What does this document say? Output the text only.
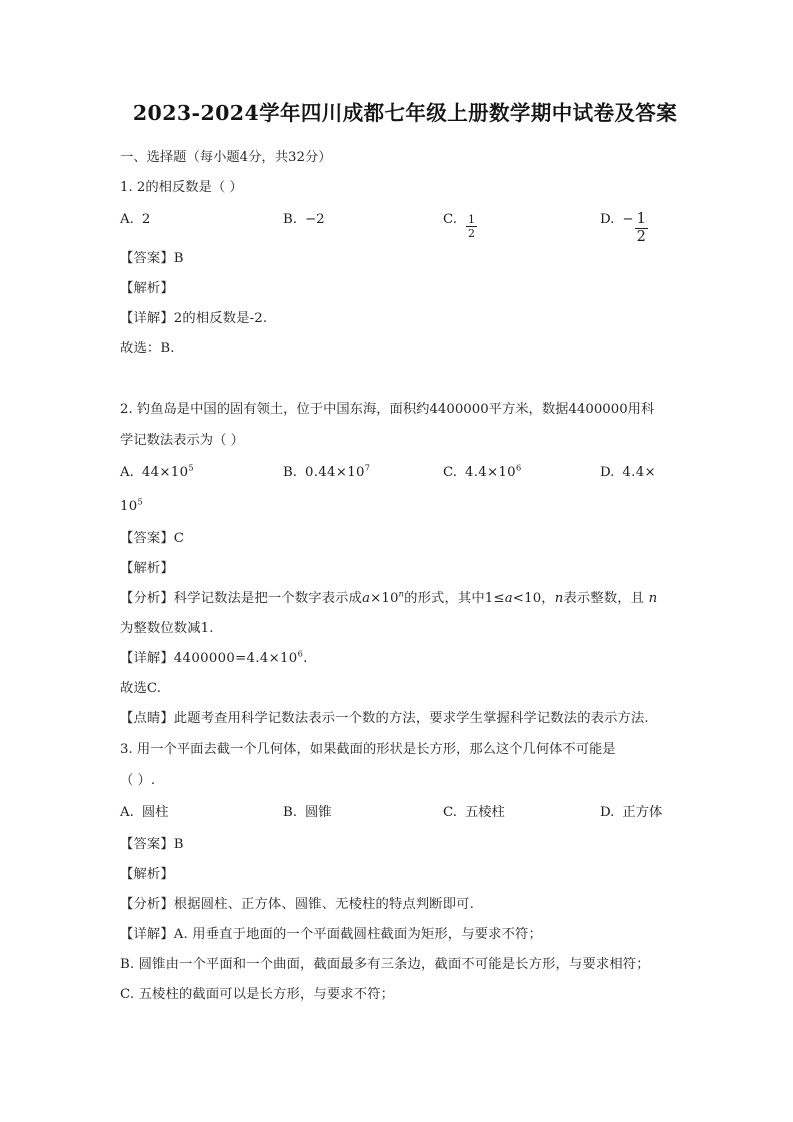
2023-2024学年四川成都七年级上册数学期中试卷及答案
一、选择题（每小题4分，共32分）
1. 2的相反数是（ ）
A. 2	B. −2	C. $\frac{1}{2}$	D. − $\frac{1}{2}$
【答案】B
【解析】
【详解】2的相反数是-2.
故选：B.
2. 钓鱼岛是中国的固有领土，位于中国东海，面积约4400000平方米，数据4400000用科
学记数法表示为（ ）
A. $44\times 10^5$	B. $0.44\times 10^7$	C. $4.4\times 10^6$	D. 4.4×
$10^5$
【答案】C
【解析】
【分析】科学记数法是把一个数字表示成$a\times 10^n$的形式，其中1≤a<10，n表示整数，且 n
为整数位数减1.
【详解】$4400000=4.4\times 10^6$.
故选C.
【点睛】此题考查用科学记数法表示一个数的方法，要求学生掌握科学记数法的表示方法.
3. 用一个平面去截一个几何体，如果截面的形状是长方形，那么这个几何体不可能是
（ ）.
A. 圆柱	B. 圆锥	C. 五棱柱	D. 正方体
【答案】B
【解析】
【分析】根据圆柱、正方体、圆锥、无棱柱的特点判断即可.
【详解】A. 用垂直于地面的一个平面截圆柱截面为矩形，与要求不符；
B. 圆锥由一个平面和一个曲面，截面最多有三条边，截面不可能是长方形，与要求相符；
C. 五棱柱的截面可以是长方形，与要求不符；
